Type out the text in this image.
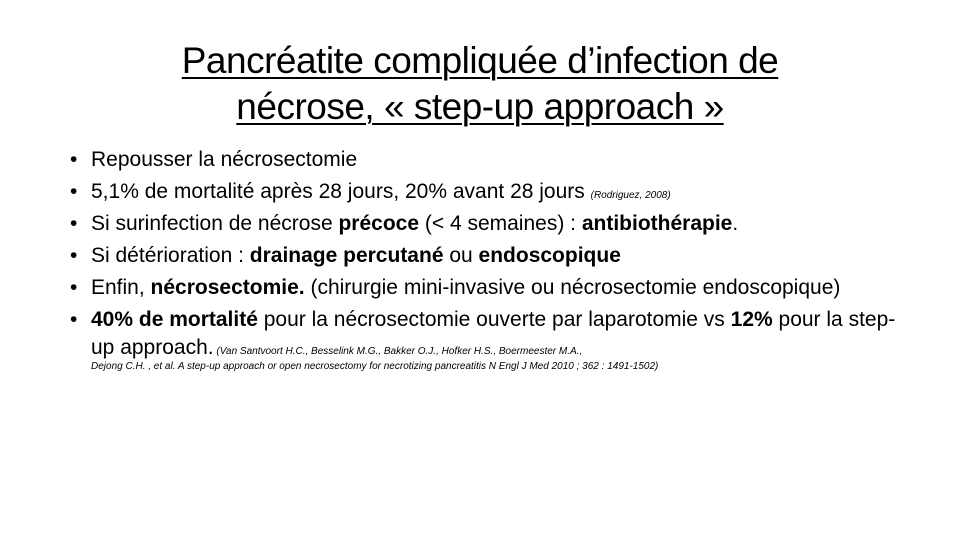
Pancréatite compliquée d’infection de
nécrose, « step-up approach »
• Repousser la nécrosectomie
• 5,1% de mortalité après 28 jours, 20% avant 28 jours (Rodriguez, 2008)
• Si surinfection de nécrose précoce (< 4 semaines) : antibiothérapie.
• Si détérioration : drainage percutané ou endoscopique
• Enfin, nécrosectomie. (chirurgie mini-invasive ou nécrosectomie endoscopique)
• 40% de mortalité pour la nécrosectomie ouverte par laparotomie vs 12% pour la step-up approach. (Van Santvoort H.C., Besselink M.G., Bakker O.J., Hofker H.S., Boermeester M.A.,
Dejong C.H. , et al. A step-up approach or open necrosectomy for necrotizing pancreatitis N Engl J Med 2010 ; 362 : 1491-1502)
